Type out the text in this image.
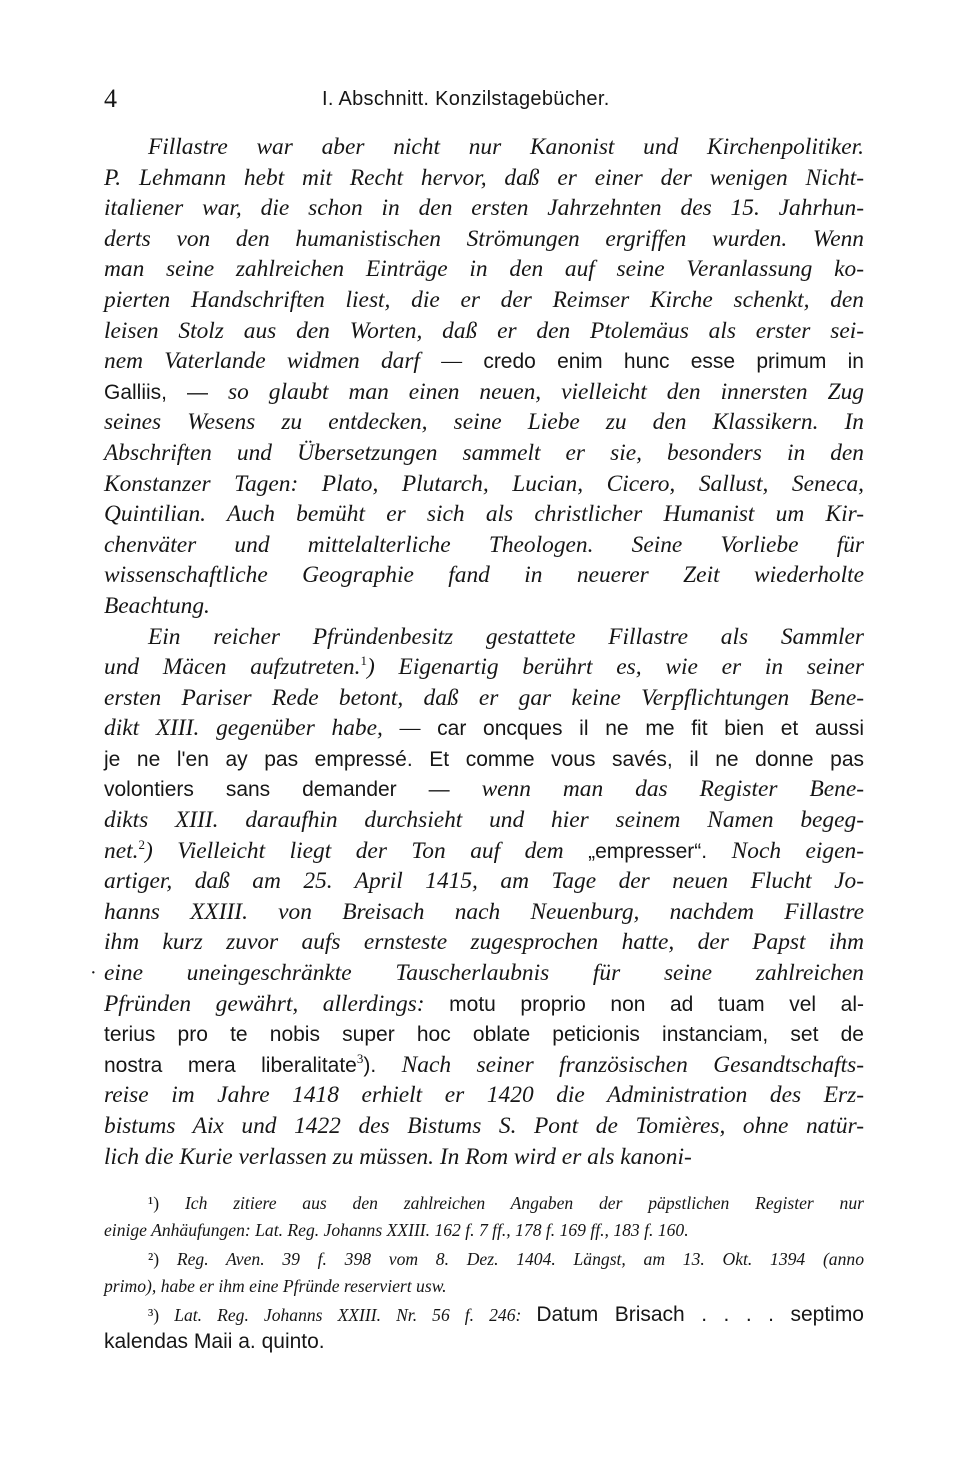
4	I. Abschnitt. Konzilstagebücher.
Fillastre war aber nicht nur Kanonist und Kirchenpolitiker.
P. Lehmann hebt mit Recht hervor, daß er einer der wenigen Nicht-
italiener war, die schon in den ersten Jahrzehnten des 15. Jahrhun-
derts von den humanistischen Strömungen ergriffen wurden. Wenn
man seine zahlreichen Einträge in den auf seine Veranlassung ko-
pierten Handschriften liest, die er der Reimser Kirche schenkt, den
leisen Stolz aus den Worten, daß er den Ptolemäus als erster sei-
nem Vaterlande widmen darf — credo enim hunc esse primum in
Galliis, — so glaubt man einen neuen, vielleicht den innersten Zug
seines Wesens zu entdecken, seine Liebe zu den Klassikern. In
Abschriften und Übersetzungen sammelt er sie, besonders in den
Konstanzer Tagen: Plato, Plutarch, Lucian, Cicero, Sallust, Seneca,
Quintilian. Auch bemüht er sich als christlicher Humanist um Kir-
chenväter und mittelalterliche Theologen. Seine Vorliebe für
wissenschaftliche Geographie fand in neuerer Zeit wiederholte
Beachtung.
Ein reicher Pfründenbesitz gestattete Fillastre als Sammler
und Mäcen aufzutreten.$^1$) Eigenartig berührt es, wie er in seiner
ersten Pariser Rede betont, daß er gar keine Verpflichtungen Bene-
dikt XIII. gegenüber habe, — car oncques il ne me fit bien et aussi
je ne l'en ay pas empressé. Et comme vous savés, il ne donne pas
volontiers sans demander — wenn man das Register Bene-
dikts XIII. daraufhin durchsieht und hier seinem Namen begeg-
net.$^2$) Vielleicht liegt der Ton auf dem „empresser“. Noch eigen-
artiger, daß am 25. April 1415, am Tage der neuen Flucht Jo-
hanns XXIII. von Breisach nach Neuenburg, nachdem Fillastre
ihm kurz zuvor aufs ernsteste zugesprochen hatte, der Papst ihm
eine uneingeschränkte Tauscherlaubnis für seine zahlreichen
·
Pfründen gewährt, allerdings: motu proprio non ad tuam vel al-
terius pro te nobis super hoc oblate peticionis instanciam, set de
nostra mera liberalitate$^3$). Nach seiner französischen Gesandtschafts-
reise im Jahre 1418 erhielt er 1420 die Administration des Erz-
bistums Aix und 1422 des Bistums S. Pont de Tomières, ohne natür-
lich die Kurie verlassen zu müssen. In Rom wird er als kanoni-
¹) Ich zitiere aus den zahlreichen Angaben der päpstlichen Register nur
einige Anhäufungen: Lat. Reg. Johanns XXIII. 162 f. 7 ff., 178 f. 169 ff., 183 f. 160.
²) Reg. Aven. 39 f. 398 vom 8. Dez. 1404. Längst, am 13. Okt. 1394 (anno
primo), habe er ihm eine Pfründe reserviert usw.
³) Lat. Reg. Johanns XXIII. Nr. 56 f. 246: Datum Brisach . . . . septimo
kalendas Maii a. quinto.
